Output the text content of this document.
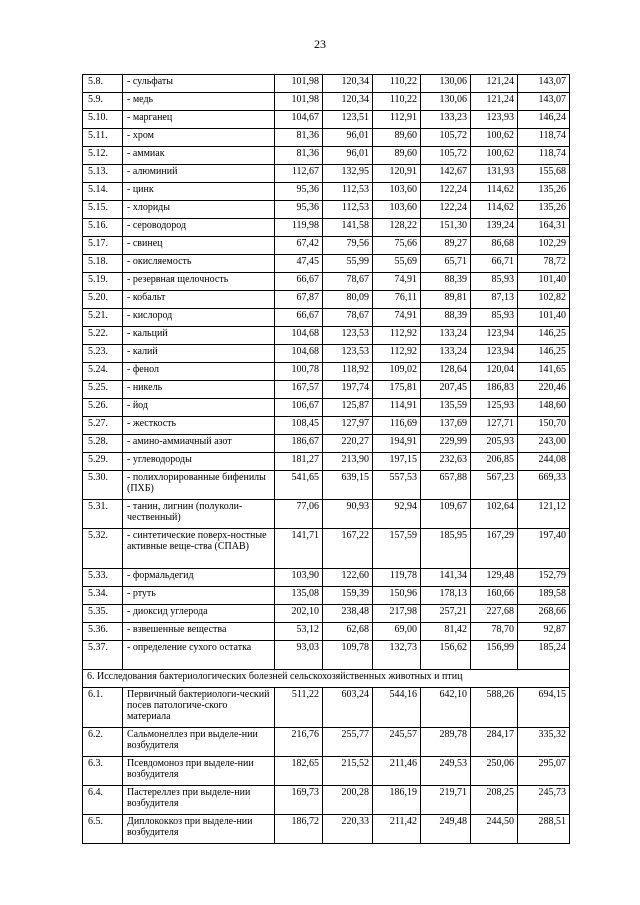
23
5.8.	- сульфаты	101,98	120,34	110,22	130,06	121,24	143,07
5.9.	- медь	101,98	120,34	110,22	130,06	121,24	143,07
5.10.	- марганец	104,67	123,51	112,91	133,23	123,93	146,24
5.11.	- хром	81,36	96,01	89,60	105,72	100,62	118,74
5.12.	- аммиак	81,36	96,01	89,60	105,72	100,62	118,74
5.13.	- алюминий	112,67	132,95	120,91	142,67	131,93	155,68
5.14.	- цинк	95,36	112,53	103,60	122,24	114,62	135,26
5.15.	- хлориды	95,36	112,53	103,60	122,24	114,62	135,26
5.16.	- сероводород	119,98	141,58	128,22	151,30	139,24	164,31
5.17.	- свинец	67,42	79,56	75,66	89,27	86,68	102,29
5.18.	- окисляемость	47,45	55,99	55,69	65,71	66,71	78,72
5.19.	- резервная щелочность	66,67	78,67	74,91	88,39	85,93	101,40
5.20.	- кобальт	67,87	80,09	76,11	89,81	87,13	102,82
5.21.	- кислород	66,67	78,67	74,91	88,39	85,93	101,40
5.22.	- кальций	104,68	123,53	112,92	133,24	123,94	146,25
5.23.	- калий	104,68	123,53	112,92	133,24	123,94	146,25
5.24.	- фенол	100,78	118,92	109,02	128,64	120,04	141,65
5.25.	- никель	167,57	197,74	175,81	207,45	186,83	220,46
5.26.	- йод	106,67	125,87	114,91	135,59	125,93	148,60
5.27.	- жесткость	108,45	127,97	116,69	137,69	127,71	150,70
5.28.	- амино-аммиачный азот	186,67	220,27	194,91	229,99	205,93	243,00
5.29.	- углеводороды	181,27	213,90	197,15	232,63	206,85	244,08
5.30.	- полихлорированные бифенилы (ПХБ)	541,65	639,15	557,53	657,88	567,23	669,33
5.31.	- танин, лигнин (полуколи-чественный)	77,06	90,93	92,94	109,67	102,64	121,12
5.32.	- синтетические поверх-ностные активные веще-ства (СПАВ)	141,71	167,22	157,59	185,95	167,29	197,40
5.33.	- формальдегид	103,90	122,60	119,78	141,34	129,48	152,79
5.34.	- ртуть	135,08	159,39	150,96	178,13	160,66	189,58
5.35.	- диоксид углерода	202,10	238,48	217,98	257,21	227,68	268,66
5.36.	- взвешенные вещества	53,12	62,68	69,00	81,42	78,70	92,87
5.37.	- определение сухого остатка	93,03	109,78	132,73	156,62	156,99	185,24
6. Исследования бактериологических болезней сельскохозяйственных животных и птиц							
6.1.	Первичный бактериологи-ческий посев патологиче-ского материала	511,22	603,24	544,16	642,10	588,26	694,15
6.2.	Сальмонеллез при выделе-нии возбудителя	216,76	255,77	245,57	289,78	284,17	335,32
6.3.	Псевдомоноз при выделе-нии возбудителя	182,65	215,52	211,46	249,53	250,06	295,07
6.4.	Пастереллез при выделе-нии возбудителя	169,73	200,28	186,19	219,71	208,25	245,73
6.5.	Диплококкоз при выделе-нии возбудителя	186,72	220,33	211,42	249,48	244,50	288,51
